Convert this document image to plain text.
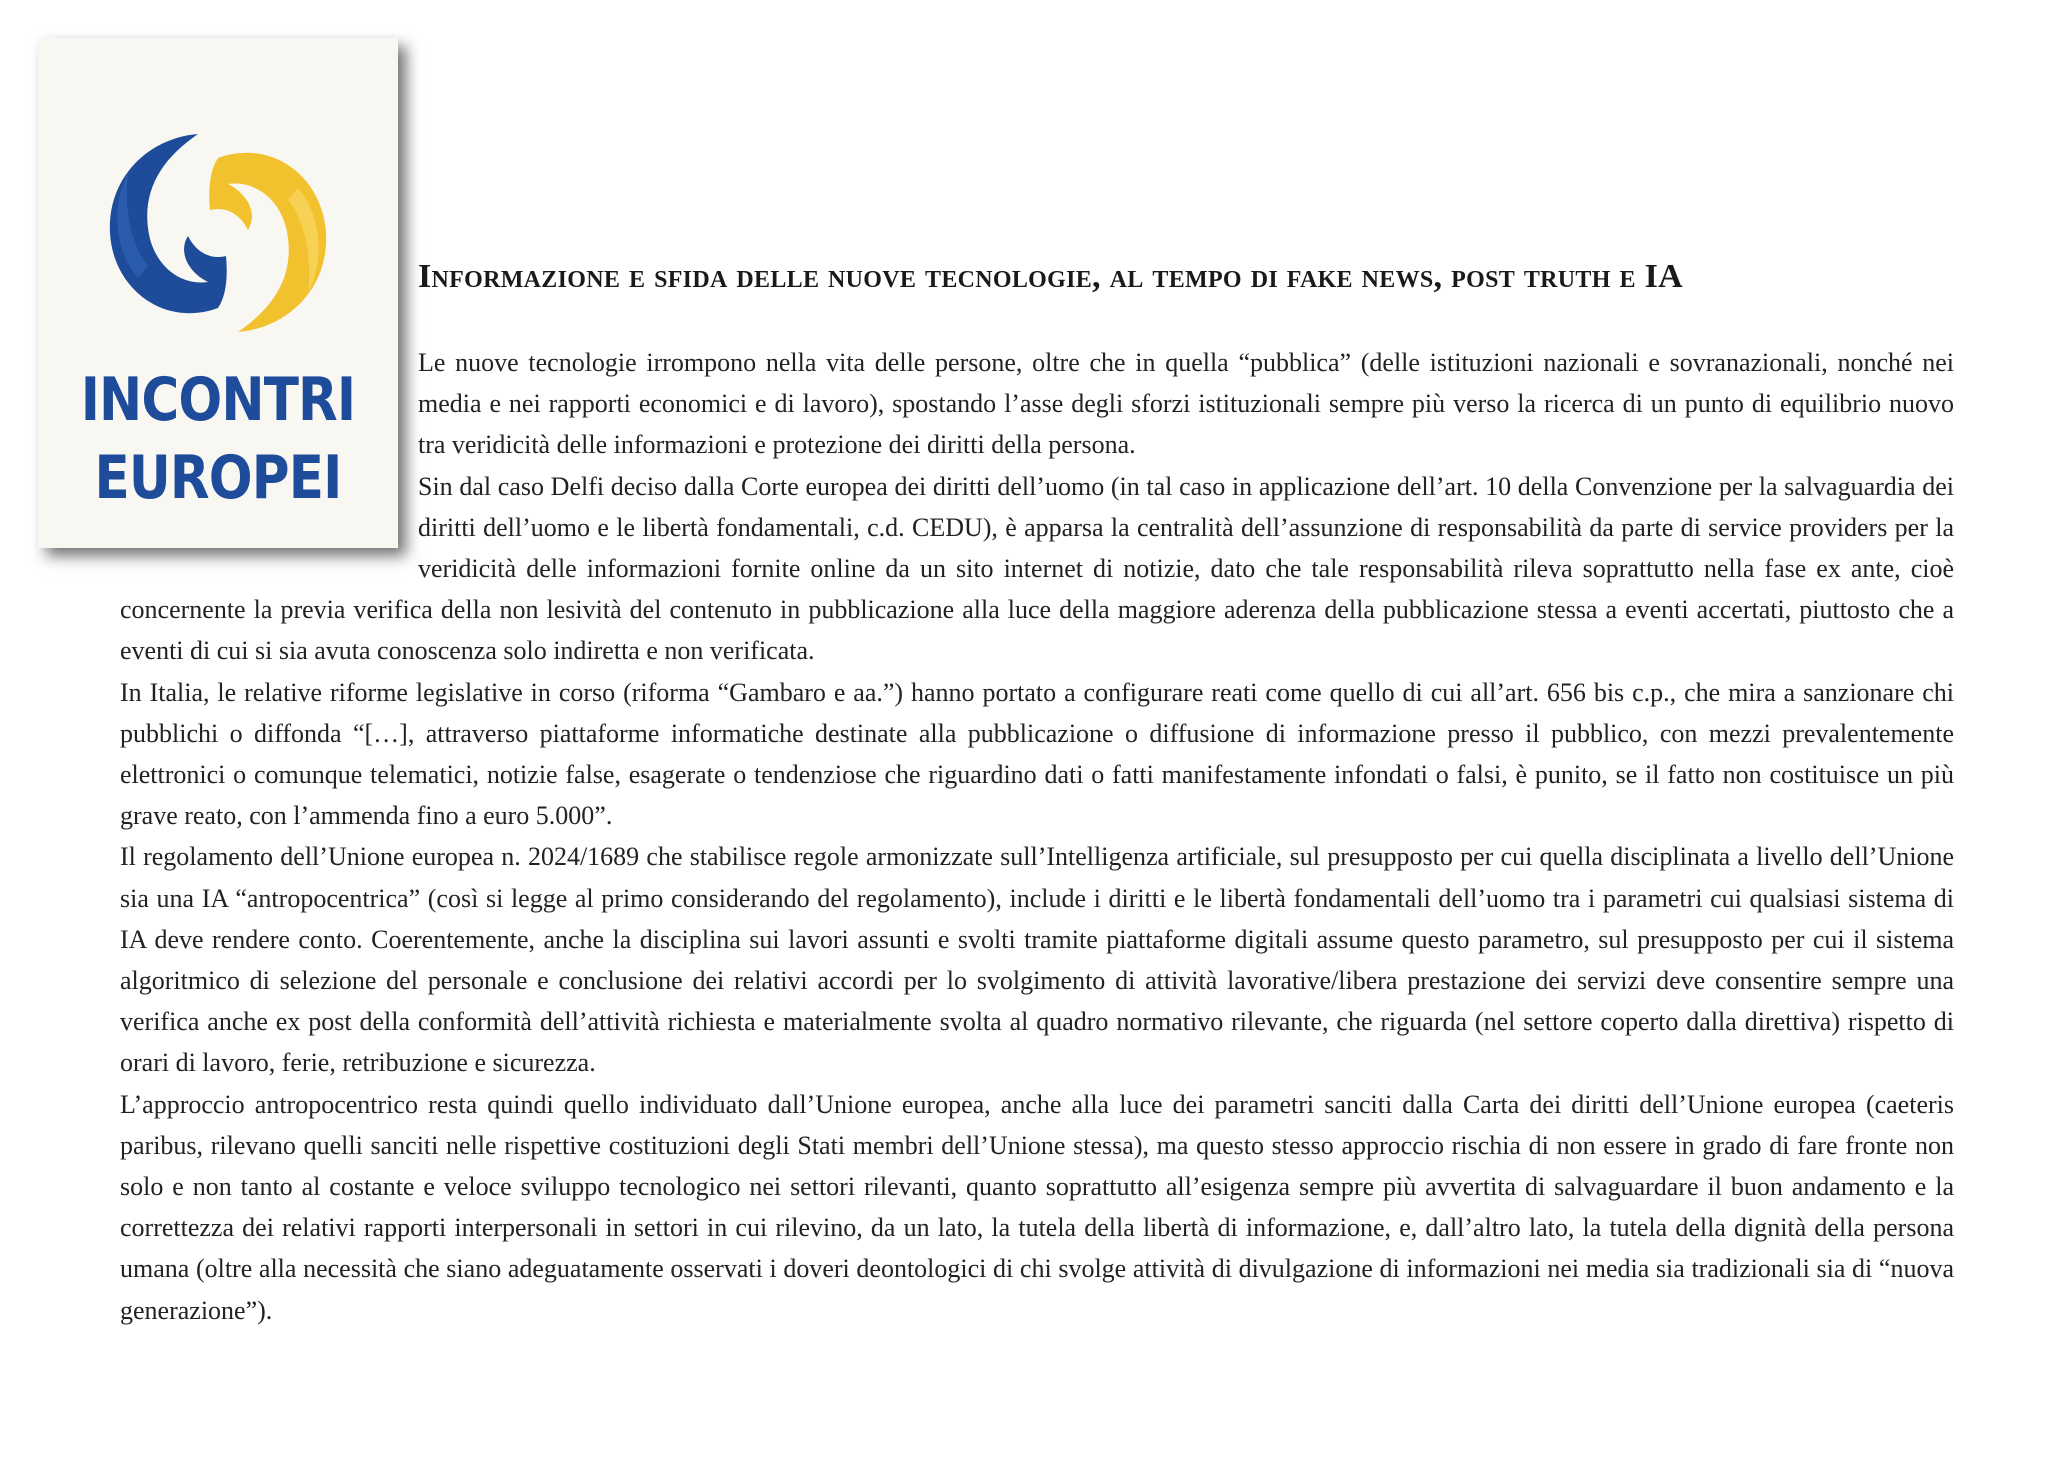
INCONTRI
EUROPEI
Informazione e sfida delle nuove tecnologie, al tempo di fake news, post truth e IA

Le nuove tecnologie irrompono nella vita delle persone, oltre che in quella “pubblica” (delle istituzioni nazionali e sovranazionali, nonché nei media e nei rapporti economici e di lavoro), spostando l’asse degli sforzi istituzionali sempre più verso la ricerca di un punto di equilibrio nuovo tra veridicità delle informazioni e protezione dei diritti della persona.

Sin dal caso Delfi deciso dalla Corte europea dei diritti dell’uomo (in tal caso in applicazione dell’art. 10 della Convenzione per la salvaguardia dei diritti dell’uomo e le libertà fondamentali, c.d. CEDU), è apparsa la centralità dell’assunzione di responsabilità da parte di service providers per la veridicità delle informazioni fornite online da un sito internet di notizie, dato che tale responsabilità rileva soprattutto nella fase ex ante, cioè concernente la previa verifica della non lesività del contenuto in pubblicazione alla luce della maggiore aderenza della pubblicazione stessa a eventi accertati, piuttosto che a eventi di cui si sia avuta conoscenza solo indiretta e non verificata.

In Italia, le relative riforme legislative in corso (riforma “Gambaro e aa.”) hanno portato a configurare reati come quello di cui all’art. 656 bis c.p., che mira a sanzionare chi pubblichi o diffonda “[…], attraverso piattaforme informatiche destinate alla pubblicazione o diffusione di informazione presso il pubblico, con mezzi prevalentemente elettronici o comunque telematici, notizie false, esagerate o tendenziose che riguardino dati o fatti manifestamente infondati o falsi, è punito, se il fatto non costituisce un più grave reato, con l’ammenda fino a euro 5.000”.

Il regolamento dell’Unione europea n. 2024/1689 che stabilisce regole armonizzate sull’Intelligenza artificiale, sul presupposto per cui quella disciplinata a livello dell’Unione sia una IA “antropocentrica” (così si legge al primo considerando del regolamento), include i diritti e le libertà fondamentali dell’uomo tra i parametri cui qualsiasi sistema di IA deve rendere conto. Coerentemente, anche la disciplina sui lavori assunti e svolti tramite piattaforme digitali assume questo parametro, sul presupposto per cui il sistema algoritmico di selezione del personale e conclusione dei relativi accordi per lo svolgimento di attività lavorative/libera prestazione dei servizi deve consentire sempre una verifica anche ex post della conformità dell’attività richiesta e materialmente svolta al quadro normativo rilevante, che riguarda (nel settore coperto dalla direttiva) rispetto di orari di lavoro, ferie, retribuzione e sicurezza.

L’approccio antropocentrico resta quindi quello individuato dall’Unione europea, anche alla luce dei parametri sanciti dalla Carta dei diritti dell’Unione europea (caeteris paribus, rilevano quelli sanciti nelle rispettive costituzioni degli Stati membri dell’Unione stessa), ma questo stesso approccio rischia di non essere in grado di fare fronte non solo e non tanto al costante e veloce sviluppo tecnologico nei settori rilevanti, quanto soprattutto all’esigenza sempre più avvertita di salvaguardare il buon andamento e la correttezza dei relativi rapporti interpersonali in settori in cui rilevino, da un lato, la tutela della libertà di informazione, e, dall’altro lato, la tutela della dignità della persona umana (oltre alla necessità che siano adeguatamente osservati i doveri deontologici di chi svolge attività di divulgazione di informazioni nei media sia tradizionali sia di “nuova generazione”).
